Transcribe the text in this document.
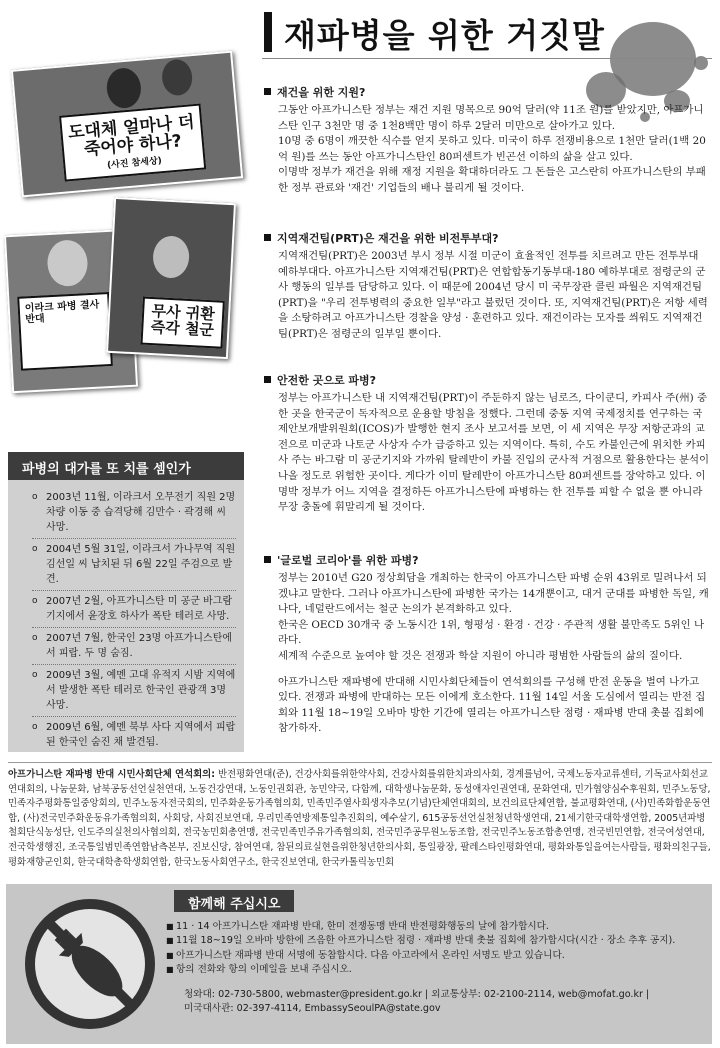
재파병을 위한 거짓말
도대체 얼마나 더 죽어야 하나?
(사진 참세상)
이라크 파병 결사 반대	무사 귀환 즉각 철군
파병의 대가를 또 치를 셈인가
o 2003년 11월, 이라크서 오무전기 직원 2명 차량 이동 중 습격당해 김만수 · 곽경해 씨 사망.
o 2004년 5월 31일, 이라크서 가나무역 직원 김선일 씨 납치된 뒤 6월 22일 주검으로 발견.
o 2007년 2월, 아프가니스탄 미 공군 바그람 기지에서 윤장호 하사가 폭탄 테러로 사망.
o 2007년 7월, 한국인 23명 아프가니스탄에서 피랍. 두 명 숨짐.
o 2009년 3월, 예멘 고대 유적지 시밤 지역에서 발생한 폭탄 테러로 한국인 관광객 3명 사망.
o 2009년 6월, 예멘 북부 사다 지역에서 피랍된 한국인 숨진 채 발견됨.
재건을 위한 지원?

그동안 아프가니스탄 정부는 재건 지원 명목으로 90억 달러(약 11조 원)를 받았지만, 아프가니스탄 인구 3천만 명 중 1천8백만 명이 하루 2달러 미만으로 살아가고 있다.

10명 중 6명이 깨끗한 식수를 얻지 못하고 있다. 미국이 하루 전쟁비용으로 1천만 달러(1백 20억 원)를 쓰는 동안 아프가니스탄인 80퍼센트가 빈곤선 이하의 삶을 살고 있다.

이명박 정부가 재건을 위해 재정 지원을 확대하더라도 그 돈들은 고스란히 아프가니스탄의 부패한 정부 관료와 '재건' 기업들의 배나 불리게 될 것이다.

지역재건팀(PRT)은 재건을 위한 비전투부대?

지역재건팀(PRT)은 2003년 부시 정부 시절 미군이 효율적인 전투를 치르려고 만든 전투부대 예하부대다. 아프가니스탄 지역재건팀(PRT)은 연합합동기동부대-180 예하부대로 점령군의 군사 행동의 일부를 담당하고 있다. 이 때문에 2004년 당시 미 국무장관 콜린 파월은 지역재건팀(PRT)을 "우리 전투병력의 중요한 일부"라고 불렀던 것이다. 또, 지역재건팀(PRT)은 저항 세력을 소탕하려고 아프가니스탄 경찰을 양성 · 훈련하고 있다. 재건이라는 모자를 씌워도 지역재건팀(PRT)은 점령군의 일부일 뿐이다.

안전한 곳으로 파병?

정부는 아프가니스탄 내 지역재건팀(PRT)이 주둔하지 않는 님로즈, 다이쿤디, 카피사 주(州) 중 한 곳을 한국군이 독자적으로 운용할 방침을 정했다. 그런데 중동 지역 국제정치를 연구하는 국제안보개발위원회(ICOS)가 발행한 현지 조사 보고서를 보면, 이 세 지역은 무장 저항군과의 교전으로 미군과 나토군 사상자 수가 급증하고 있는 지역이다. 특히, 수도 카불인근에 위치한 카피사 주는 바그람 미 공군기지와 가까워 탈레반이 카불 진입의 군사적 거점으로 활용한다는 분석이 나올 정도로 위험한 곳이다. 게다가 이미 탈레반이 아프가니스탄 80퍼센트를 장악하고 있다. 이명박 정부가 어느 지역을 결정하든 아프가니스탄에 파병하는 한 전투를 피할 수 없을 뿐 아니라 무장 충돌에 휘말리게 될 것이다.

'글로벌 코리아'를 위한 파병?

정부는 2010년 G20 정상회담을 개최하는 한국이 아프가니스탄 파병 순위 43위로 밀려나서 되겠냐고 말한다. 그러나 아프가니스탄에 파병한 국가는 14개뿐이고, 대거 군대를 파병한 독일, 캐나다, 네덜란드에서는 철군 논의가 본격화하고 있다.

한국은 OECD 30개국 중 노동시간 1위, 형평성 · 환경 · 건강 · 주관적 생활 불만족도 5위인 나라다.

세계적 수준으로 높여야 할 것은 전쟁과 학살 지원이 아니라 평범한 사람들의 삶의 질이다.

아프가니스탄 재파병에 반대해 시민사회단체들이 연석회의를 구성해 반전 운동을 벌여 나가고 있다. 전쟁과 파병에 반대하는 모든 이에게 호소한다. 11월 14일 서울 도심에서 열리는 반전 집회와 11월 18~19일 오바마 방한 기간에 열리는 아프가니스탄 점령 · 재파병 반대 촛불 집회에 참가하자.

아프가니스탄 재파병 반대 시민사회단체 연석회의: 반전평화연대(준), 건강사회를위한약사회, 건강사회를위한치과의사회, 경계를넘어, 국제노동자교류센터, 기독교사회선교연대회의, 나눔문화, 남북공동선언실천연대, 노동건강연대, 노동인권회관, 농민약국, 다함께, 대학생나눔문화, 동성애자인권연대, 문화연대, 민가협양심수후원회, 민주노동당, 민족자주평화통일중앙회의, 민주노동자전국회의, 민주화운동가족협의회, 민족민주열사희생자추모(기념)단체연대회의, 보건의료단체연합, 불교평화연대, (사)민족화합운동연합, (사)전국민주화운동유가족협의회, 사회당, 사회진보연대, 우리민족연방제통일추진회의, 예수살기, 615공동선언실천청년학생연대, 21세기한국대학생연합, 2005년파병철회단식농성단, 인도주의실천의사협의회, 전국농민회총연맹, 전국민족민주유가족협의회, 전국민주공무원노동조합, 전국민주노동조합총연맹, 전국빈민연합, 전국여성연대, 전국학생행진, 조국통일범민족연합남측본부, 진보신당, 참여연대, 참된의료실현을위한청년한의사회, 통일광장, 팔레스타인평화연대, 평화와통일을여는사람들, 평화의친구들, 평화재향군인회, 한국대학총학생회연합, 한국노동사회연구소, 한국진보연대, 한국카톨릭농민회
함께해 주십시오
■ 11 · 14 아프가니스탄 재파병 반대, 한미 전쟁동맹 반대 반전평화행동의 날에 참가합시다.
■ 11월 18~19일 오바마 방한에 즈음한 아프가니스탄 점령 · 재파병 반대 촛불 집회에 참가합시다(시간 · 장소 추후 공지).
■ 아프가니스탄 재파병 반대 서명에 동참합시다. 다음 아고라에서 온라인 서명도 받고 있습니다.
■ 항의 전화와 항의 이메일을 보내 주십시오.
청와대: 02-730-5800, webmaster@president.go.kr | 외교통상부: 02-2100-2114, web@mofat.go.kr |
미국대사관: 02-397-4114, EmbassySeoulPA@state.gov
